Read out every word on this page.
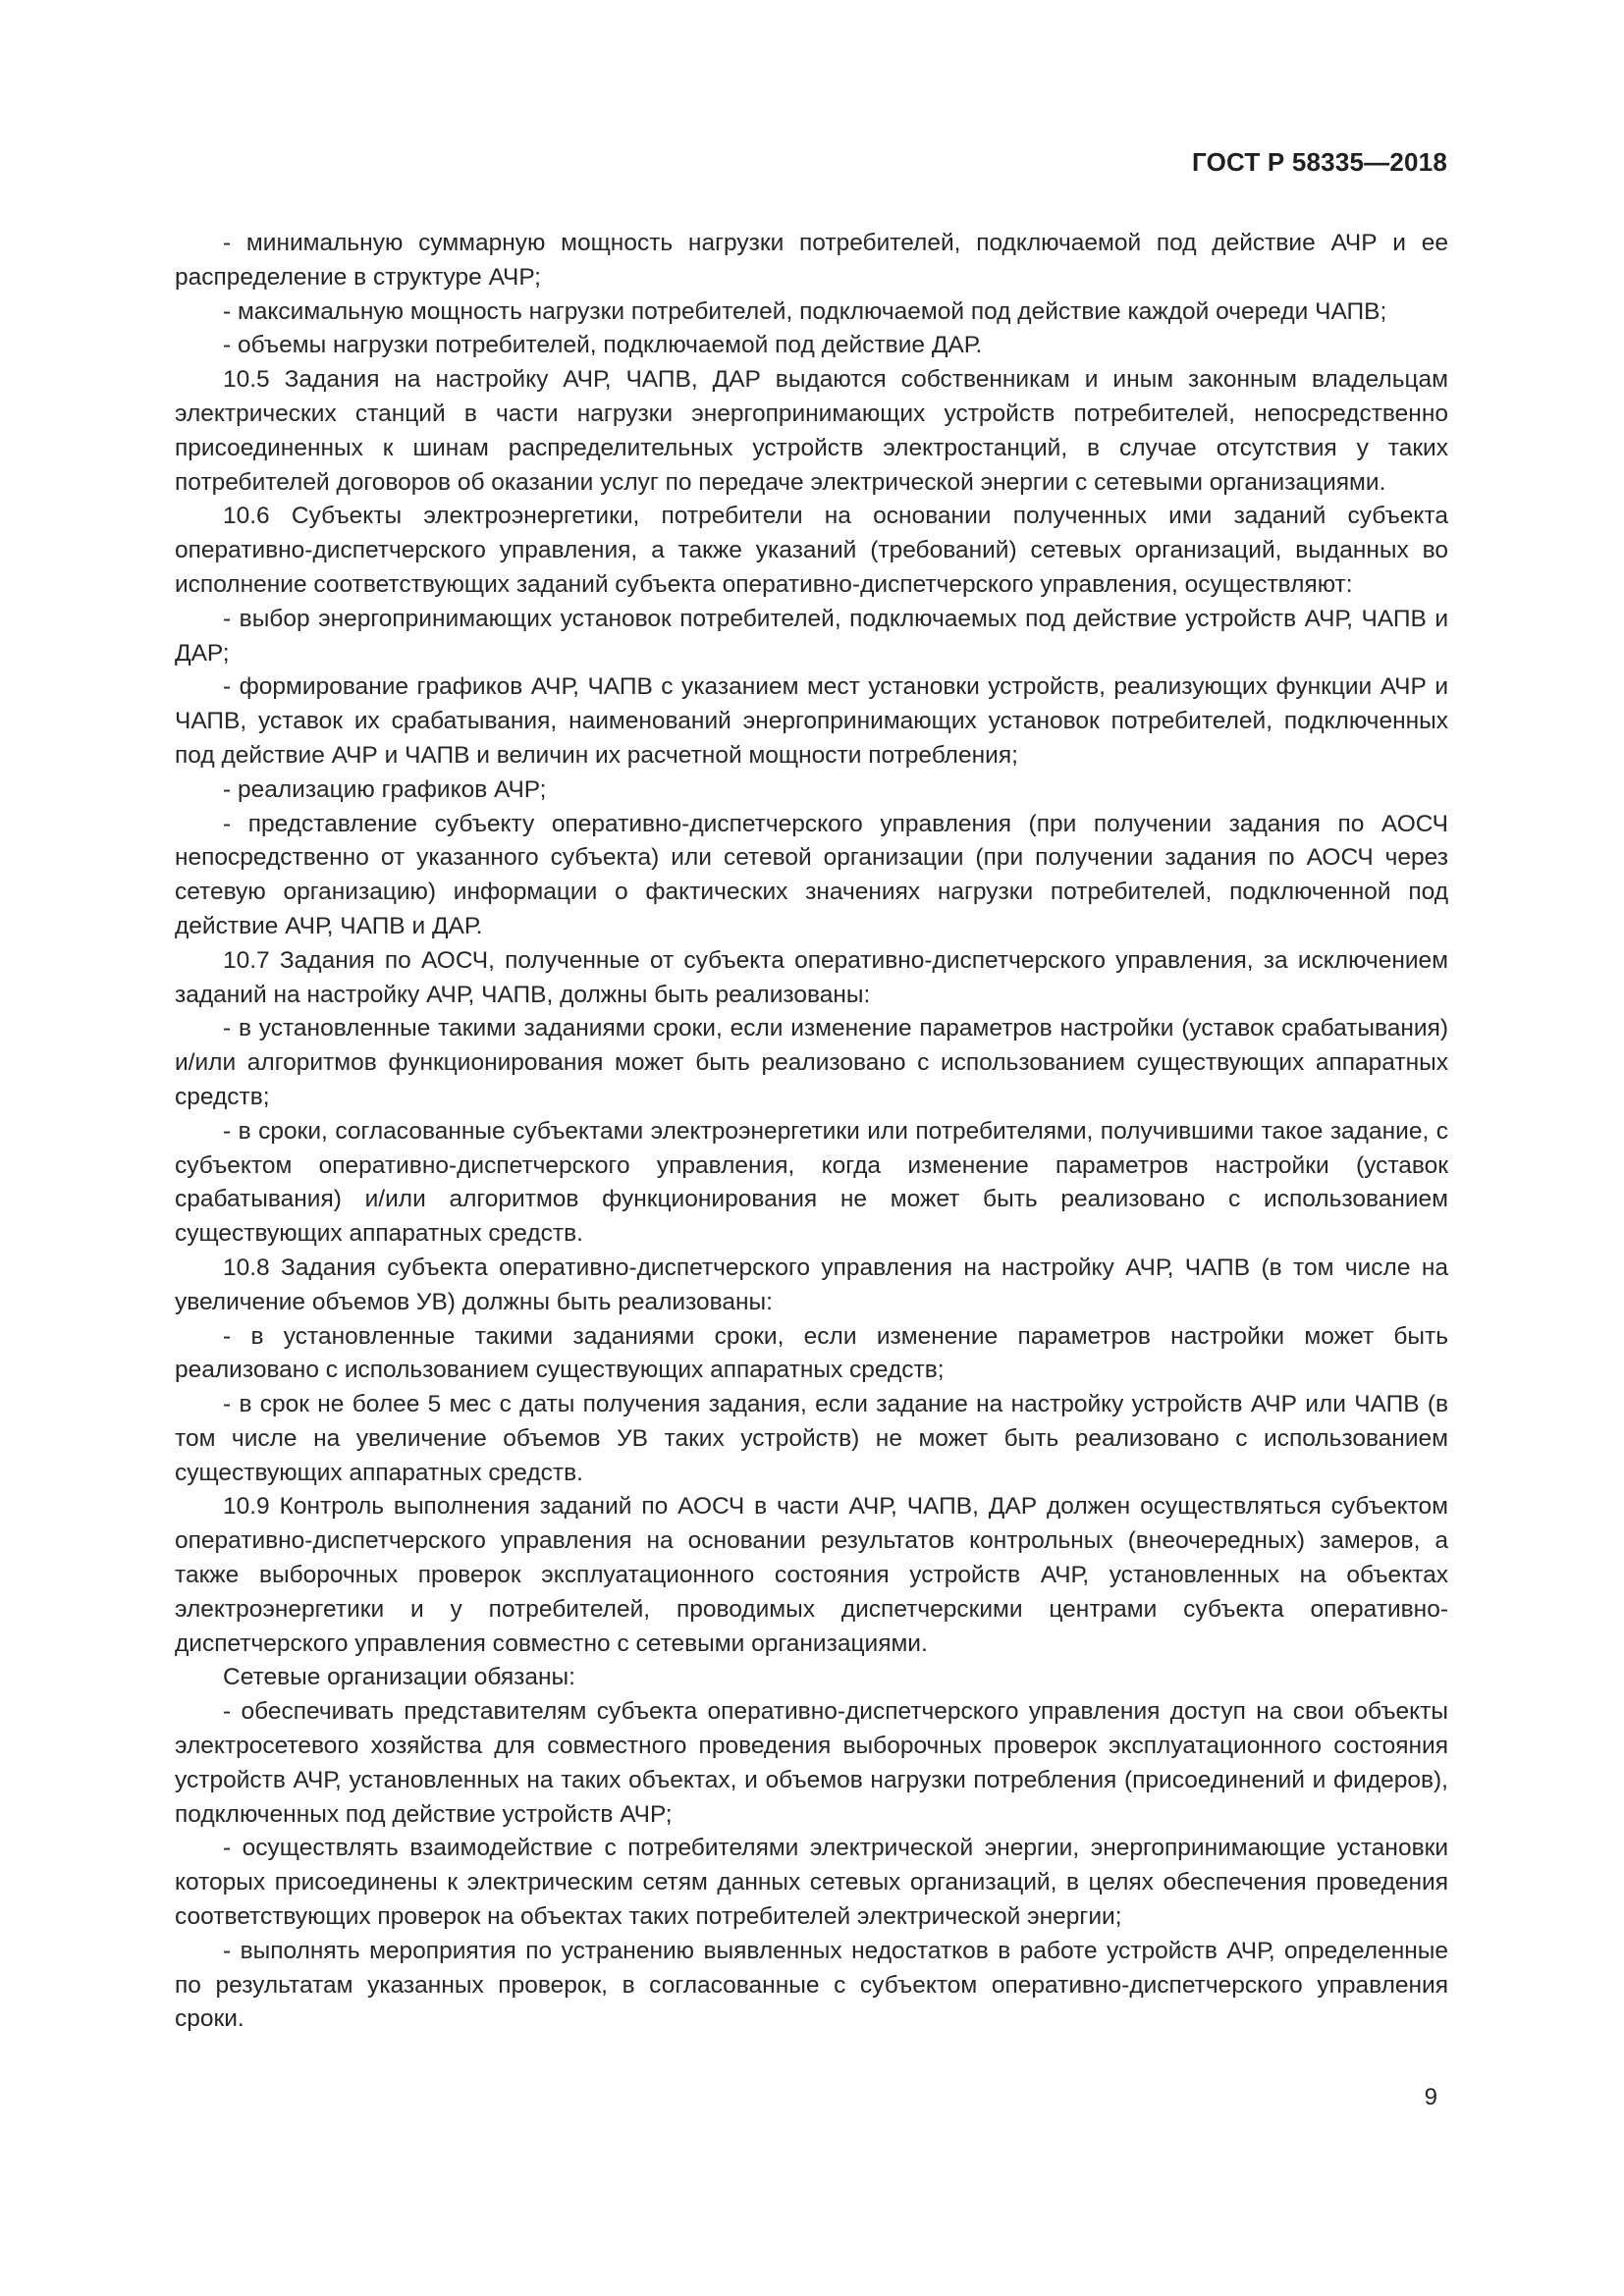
ГОСТ Р 58335—2018

- минимальную суммарную мощность нагрузки потребителей, подключаемой под действие АЧР и ее распределение в структуре АЧР;

- максимальную мощность нагрузки потребителей, подключаемой под действие каждой очереди ЧАПВ;

- объемы нагрузки потребителей, подключаемой под действие ДАР.

10.5 Задания на настройку АЧР, ЧАПВ, ДАР выдаются собственникам и иным законным владельцам электрических станций в части нагрузки энергопринимающих устройств потребителей, непосредственно присоединенных к шинам распределительных устройств электростанций, в случае отсутствия у таких потребителей договоров об оказании услуг по передаче электрической энергии с сетевыми организациями.

10.6 Субъекты электроэнергетики, потребители на основании полученных ими заданий субъекта оперативно-диспетчерского управления, а также указаний (требований) сетевых организаций, выданных во исполнение соответствующих заданий субъекта оперативно-диспетчерского управления, осуществляют:

- выбор энергопринимающих установок потребителей, подключаемых под действие устройств АЧР, ЧАПВ и ДАР;

- формирование графиков АЧР, ЧАПВ с указанием мест установки устройств, реализующих функции АЧР и ЧАПВ, уставок их срабатывания, наименований энергопринимающих установок потребителей, подключенных под действие АЧР и ЧАПВ и величин их расчетной мощности потребления;

- реализацию графиков АЧР;

- представление субъекту оперативно-диспетчерского управления (при получении задания по АОСЧ непосредственно от указанного субъекта) или сетевой организации (при получении задания по АОСЧ через сетевую организацию) информации о фактических значениях нагрузки потребителей, подключенной под действие АЧР, ЧАПВ и ДАР.

10.7 Задания по АОСЧ, полученные от субъекта оперативно-диспетчерского управления, за исключением заданий на настройку АЧР, ЧАПВ, должны быть реализованы:

- в установленные такими заданиями сроки, если изменение параметров настройки (уставок срабатывания) и/или алгоритмов функционирования может быть реализовано с использованием существующих аппаратных средств;

- в сроки, согласованные субъектами электроэнергетики или потребителями, получившими такое задание, с субъектом оперативно-диспетчерского управления, когда изменение параметров настройки (уставок срабатывания) и/или алгоритмов функционирования не может быть реализовано с использованием существующих аппаратных средств.

10.8 Задания субъекта оперативно-диспетчерского управления на настройку АЧР, ЧАПВ (в том числе на увеличение объемов УВ) должны быть реализованы:

- в установленные такими заданиями сроки, если изменение параметров настройки может быть реализовано с использованием существующих аппаратных средств;

- в срок не более 5 мес с даты получения задания, если задание на настройку устройств АЧР или ЧАПВ (в том числе на увеличение объемов УВ таких устройств) не может быть реализовано с использованием существующих аппаратных средств.

10.9 Контроль выполнения заданий по АОСЧ в части АЧР, ЧАПВ, ДАР должен осуществляться субъектом оперативно-диспетчерского управления на основании результатов контрольных (внеочередных) замеров, а также выборочных проверок эксплуатационного состояния устройств АЧР, установленных на объектах электроэнергетики и у потребителей, проводимых диспетчерскими центрами субъекта оперативно-диспетчерского управления совместно с сетевыми организациями.

Сетевые организации обязаны:

- обеспечивать представителям субъекта оперативно-диспетчерского управления доступ на свои объекты электросетевого хозяйства для совместного проведения выборочных проверок эксплуатационного состояния устройств АЧР, установленных на таких объектах, и объемов нагрузки потребления (присоединений и фидеров), подключенных под действие устройств АЧР;

- осуществлять взаимодействие с потребителями электрической энергии, энергопринимающие установки которых присоединены к электрическим сетям данных сетевых организаций, в целях обеспечения проведения соответствующих проверок на объектах таких потребителей электрической энергии;

- выполнять мероприятия по устранению выявленных недостатков в работе устройств АЧР, определенные по результатам указанных проверок, в согласованные с субъектом оперативно-диспетчерского управления сроки.

9
